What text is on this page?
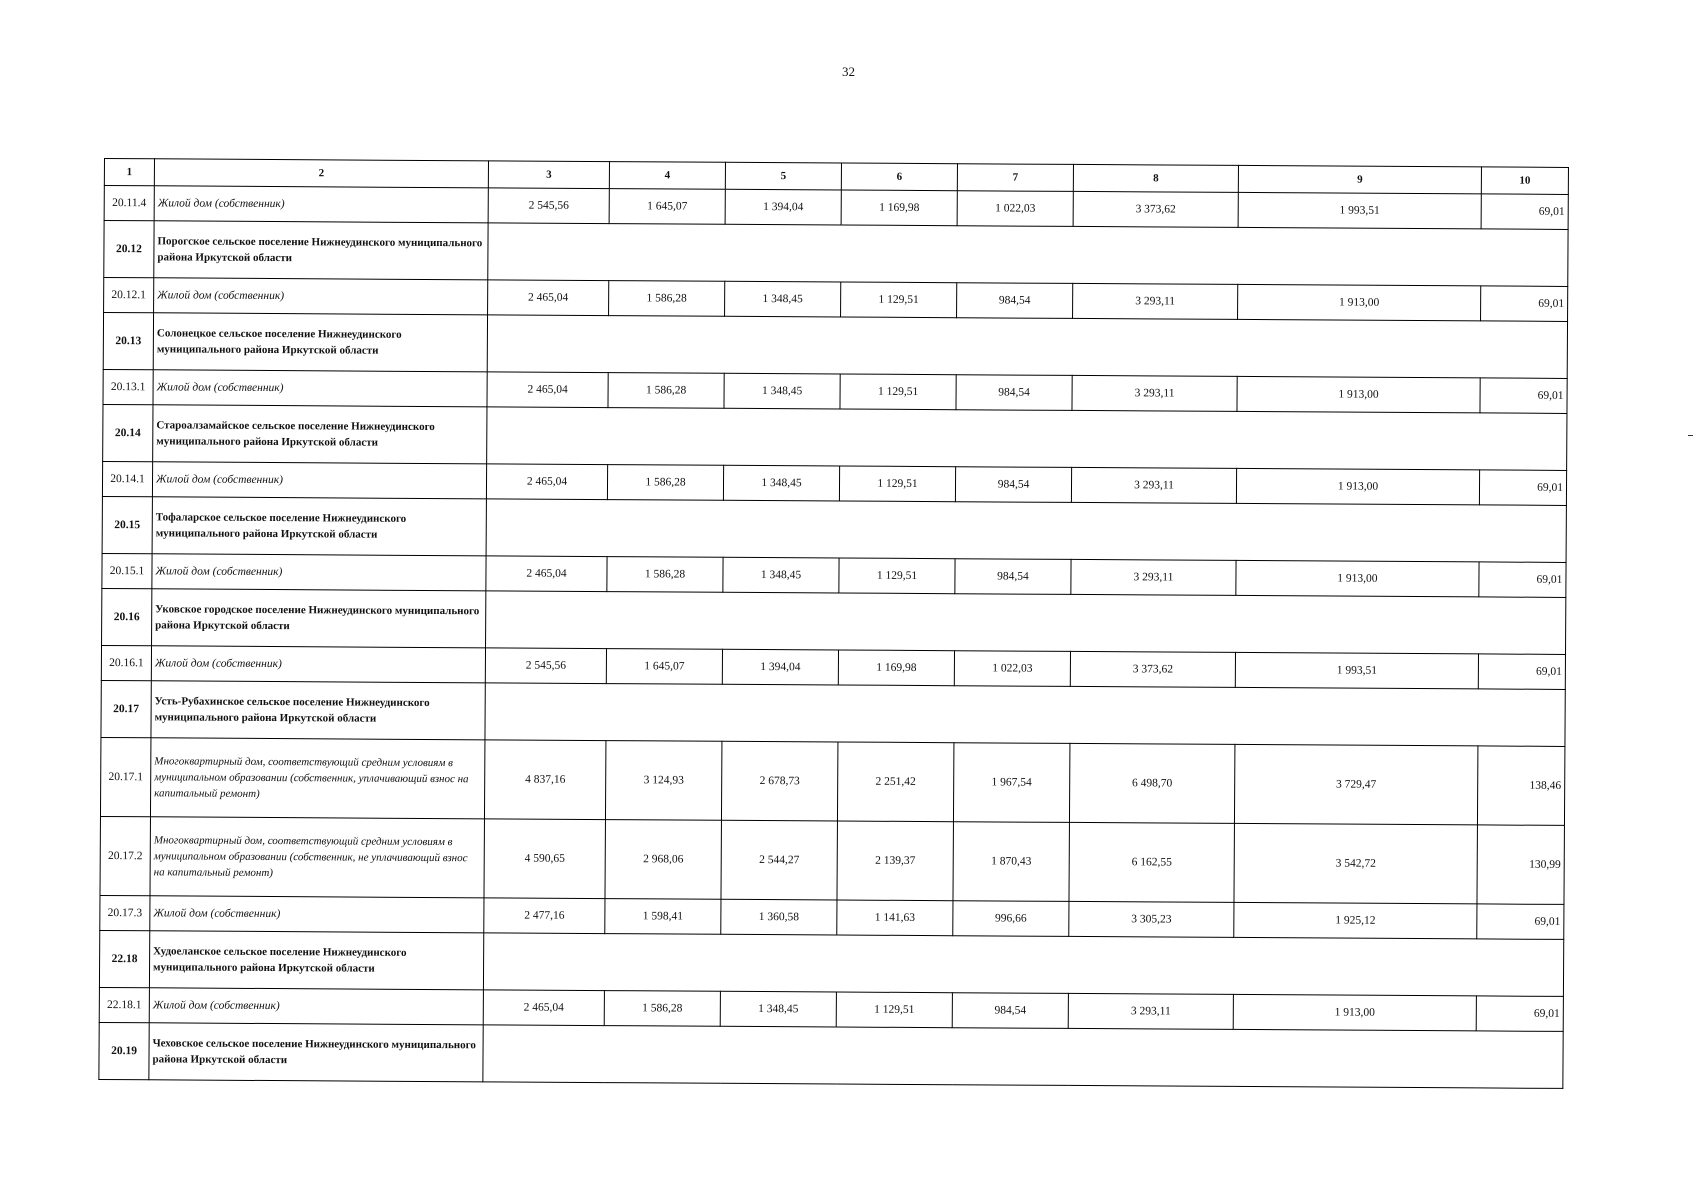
32
1	2	3	4	5	6	7	8	9	10
20.11.4	Жилой дом (собственник)	2 545,56	1 645,07	1 394,04	1 169,98	1 022,03	3 373,62	1 993,51	69,01
20.12	Порогское сельское поселение Нижнеудинского муниципального района Иркутской области								
20.12.1	Жилой дом (собственник)	2 465,04	1 586,28	1 348,45	1 129,51	984,54	3 293,11	1 913,00	69,01
20.13	Солонецкое сельское поселение Нижнеудинского муниципального района Иркутской области								
20.13.1	Жилой дом (собственник)	2 465,04	1 586,28	1 348,45	1 129,51	984,54	3 293,11	1 913,00	69,01
20.14	Староалзамайское сельское поселение Нижнеудинского муниципального района Иркутской области								
20.14.1	Жилой дом (собственник)	2 465,04	1 586,28	1 348,45	1 129,51	984,54	3 293,11	1 913,00	69,01
20.15	Тофаларское сельское поселение Нижнеудинского муниципального района Иркутской области								
20.15.1	Жилой дом (собственник)	2 465,04	1 586,28	1 348,45	1 129,51	984,54	3 293,11	1 913,00	69,01
20.16	Уковское городское поселение Нижнеудинского муниципального района Иркутской области								
20.16.1	Жилой дом (собственник)	2 545,56	1 645,07	1 394,04	1 169,98	1 022,03	3 373,62	1 993,51	69,01
20.17	Усть-Рубахинское сельское поселение Нижнеудинского муниципального района Иркутской области								
20.17.1	Многоквартирный дом, соответствующий средним условиям в муниципальном образовании (собственник, уплачивающий взнос на капитальный ремонт)	4 837,16	3 124,93	2 678,73	2 251,42	1 967,54	6 498,70	3 729,47	138,46
20.17.2	Многоквартирный дом, соответствующий средним условиям в муниципальном образовании (собственник, не уплачивающий взнос на капитальный ремонт)	4 590,65	2 968,06	2 544,27	2 139,37	1 870,43	6 162,55	3 542,72	130,99
20.17.3	Жилой дом (собственник)	2 477,16	1 598,41	1 360,58	1 141,63	996,66	3 305,23	1 925,12	69,01
22.18	Худоеланское сельское поселение Нижнеудинского муниципального района Иркутской области								
22.18.1	Жилой дом (собственник)	2 465,04	1 586,28	1 348,45	1 129,51	984,54	3 293,11	1 913,00	69,01
20.19	Чеховское сельское поселение Нижнеудинского муниципального района Иркутской области								
